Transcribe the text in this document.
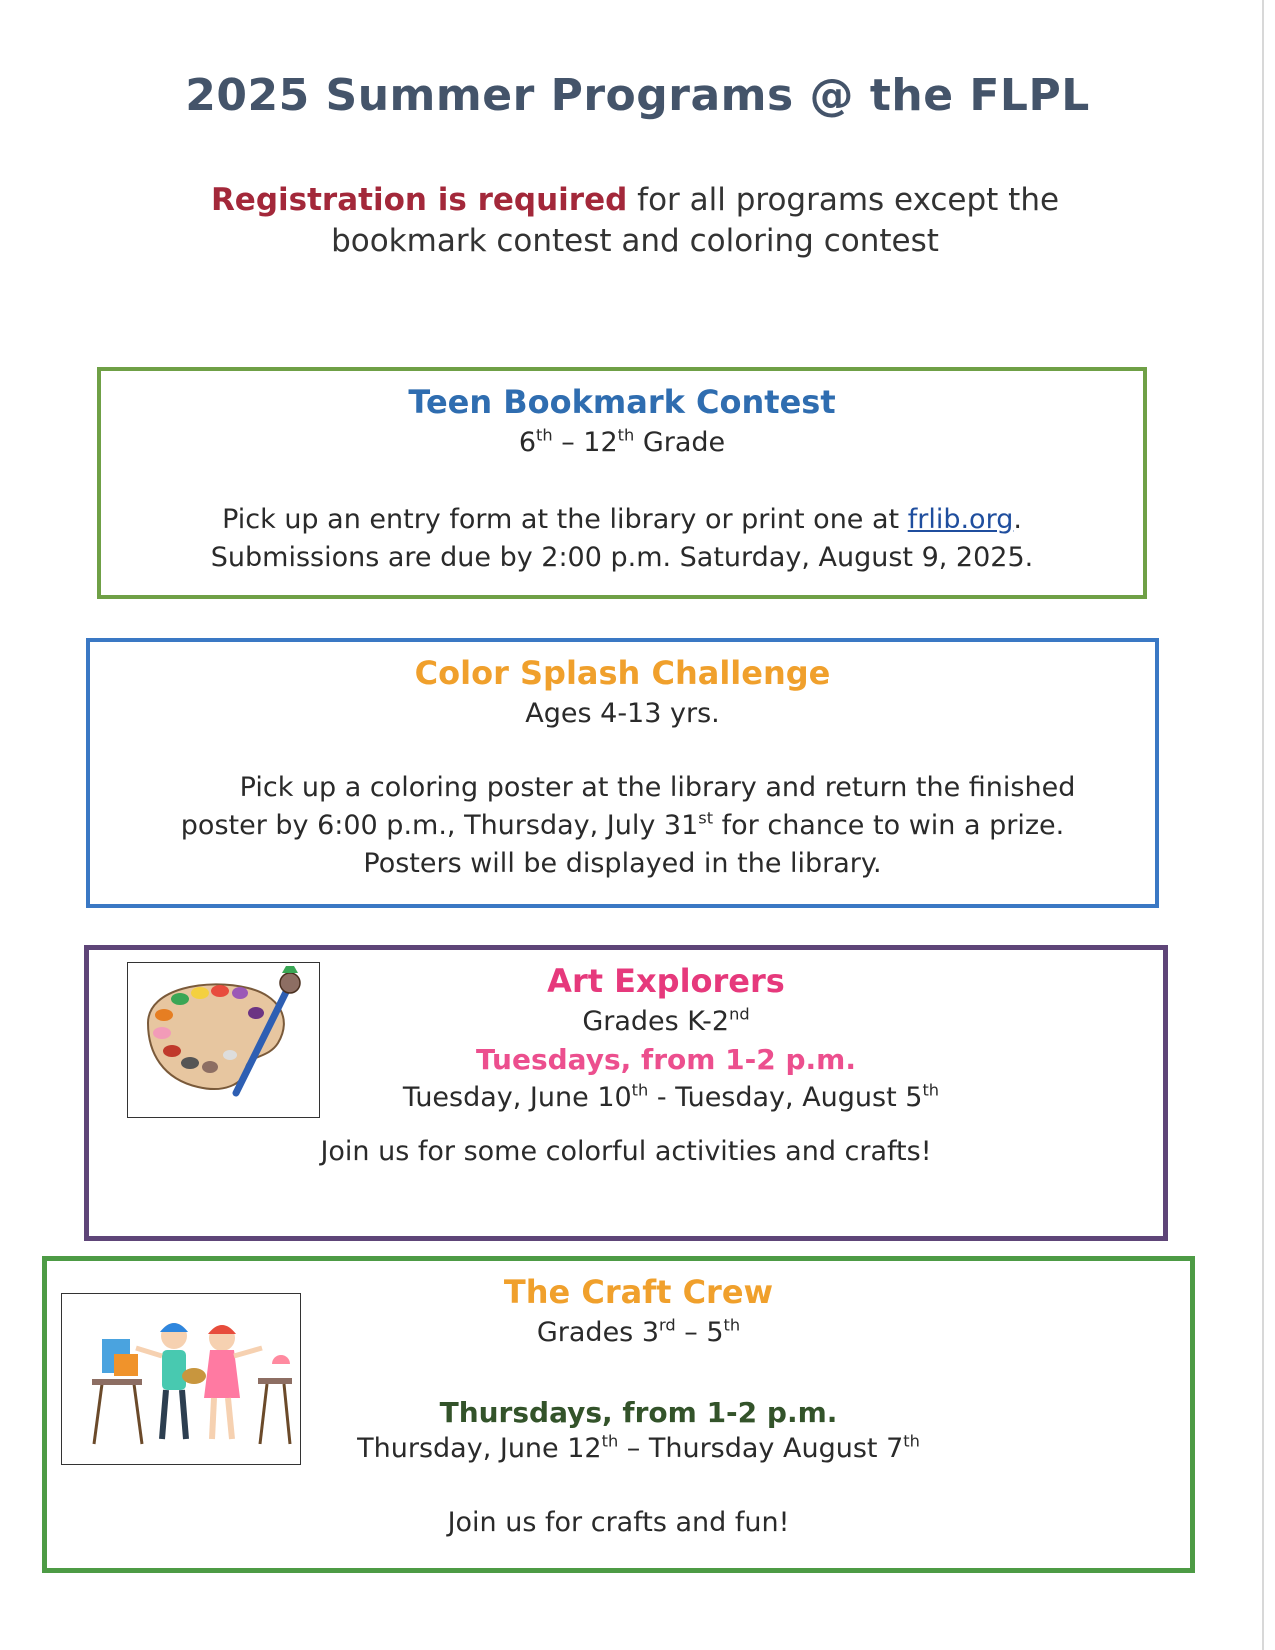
2025 Summer Programs @ the FLPL
Registration is required for all programs except the
bookmark contest and coloring contest
Teen Bookmark Contest
6th – 12th Grade
Pick up an entry form at the library or print one at frlib.org.
Submissions are due by 2:00 p.m. Saturday, August 9, 2025.
Color Splash Challenge
Ages 4-13 yrs.
Pick up a coloring poster at the library and return the finished
poster by 6:00 p.m., Thursday, July 31st for chance to win a prize.
Posters will be displayed in the library.
Art Explorers
Grades K-2nd
Tuesdays, from 1-2 p.m.
Tuesday, June 10th - Tuesday, August 5th
Join us for some colorful activities and crafts!
The Craft Crew
Grades 3rd – 5th
Thursdays, from 1-2 p.m.
Thursday, June 12th – Thursday August 7th
Join us for crafts and fun!
